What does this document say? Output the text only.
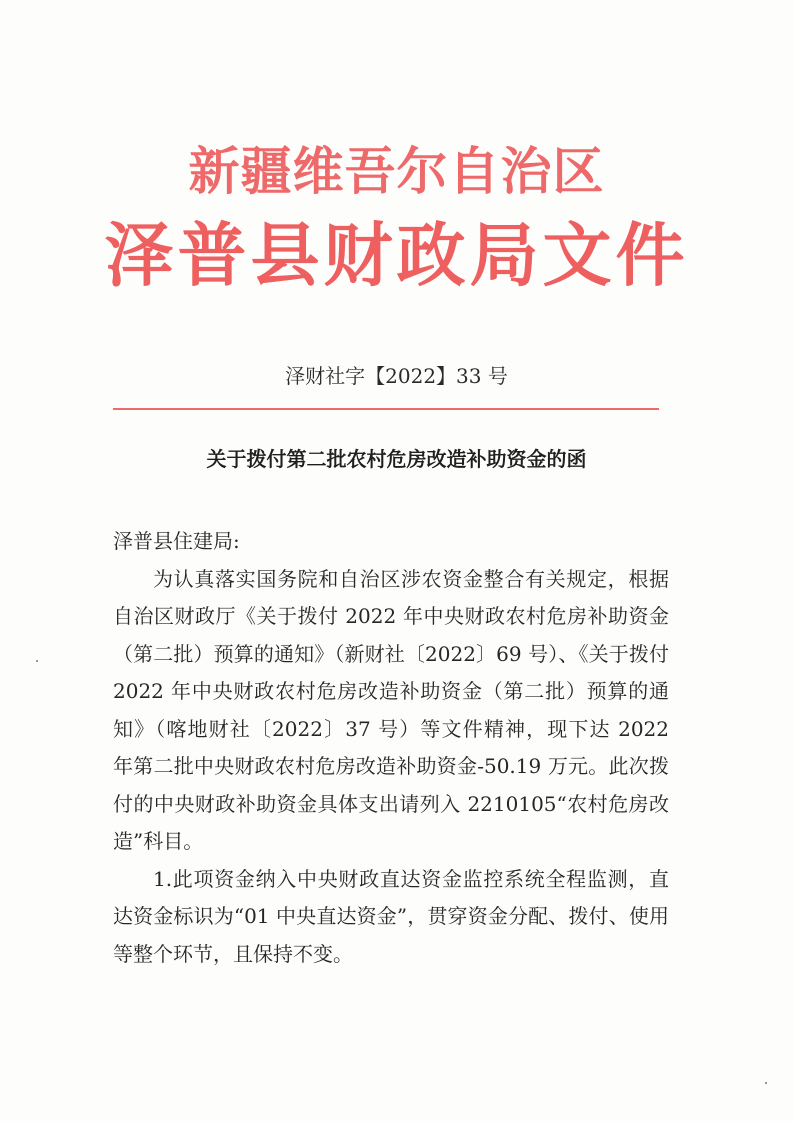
新疆维吾尔自治区
泽普县财政局文件
泽财社字【2022】33 号
关于拨付第二批农村危房改造补助资金的函

泽普县住建局:

为认真落实国务院和自治区涉农资金整合有关规定，根据自治区财政厅《关于拨付 2022 年中央财政农村危房补助资金（第二批）预算的通知》（新财社〔2022〕69 号）、《关于拨付 2022 年中央财政农村危房改造补助资金（第二批）预算的通知》（喀地财社〔2022〕37 号）等文件精神，现下达 2022 年第二批中央财政农村危房改造补助资金-50.19 万元。此次拨付的中央财政补助资金具体支出请列入 2210105“农村危房改造”科目。

1.此项资金纳入中央财政直达资金监控系统全程监测，直达资金标识为“01 中央直达资金”，贯穿资金分配、拨付、使用等整个环节，且保持不变。
